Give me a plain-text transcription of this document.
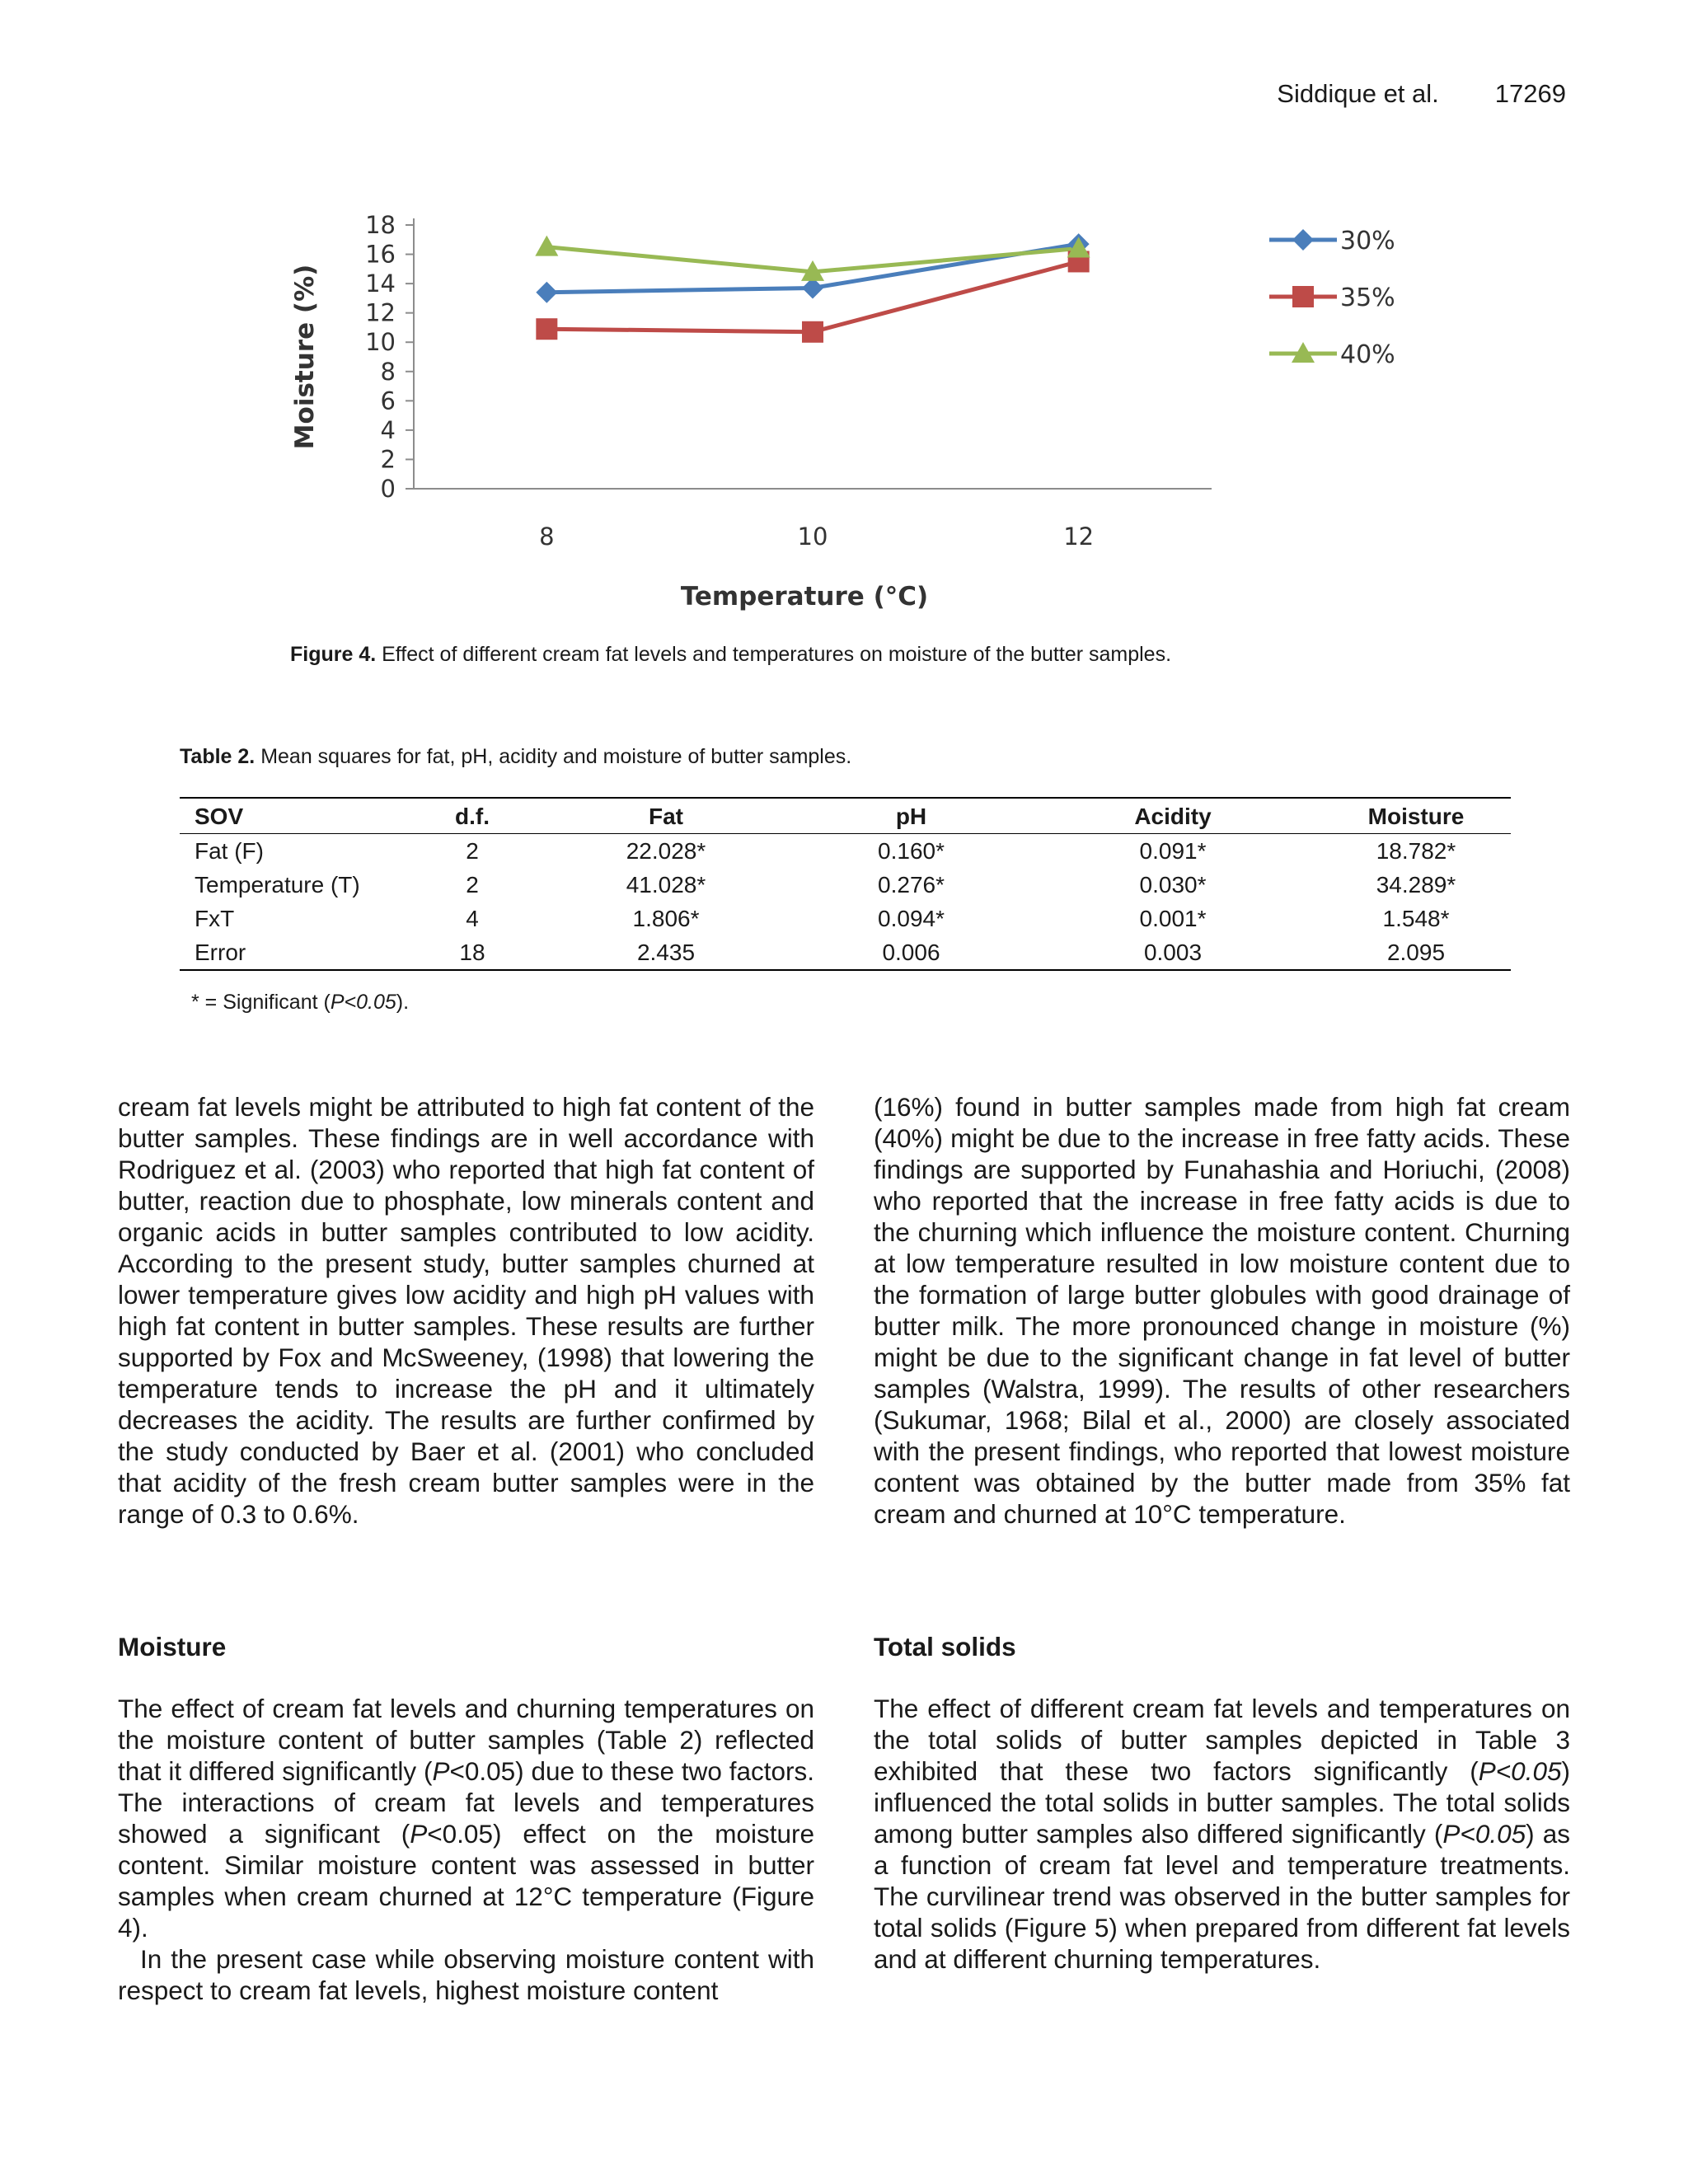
Siddique et al. 17269
0
2
4
6
8
10
12
14
16
18
8	10	12
Temperature (°C)
Moisture (%)
30%
35%
40%
Figure 4. Effect of different cream fat levels and temperatures on moisture of the butter samples.
Table 2. Mean squares for fat, pH, acidity and moisture of butter samples.
SOV	d.f.	Fat	pH	Acidity	Moisture
Fat (F)	2	22.028*	0.160*	0.091*	18.782*
Temperature (T)	2	41.028*	0.276*	0.030*	34.289*
FxT	4	1.806*	0.094*	0.001*	1.548*
Error	18	2.435	0.006	0.003	2.095
* = Significant (P<0.05).

cream fat levels might be attributed to high fat content of the butter samples. These findings are in well accordance with Rodriguez et al. (2003) who reported that high fat content of butter, reaction due to phosphate, low minerals content and organic acids in butter samples contributed to low acidity. According to the present study, butter samples churned at lower temperature gives low acidity and high pH values with high fat content in butter samples. These results are further supported by Fox and McSweeney, (1998) that lowering the temperature tends to increase the pH and it ultimately decreases the acidity. The results are further confirmed by the study conducted by Baer et al. (2001) who concluded that acidity of the fresh cream butter samples were in the range of 0.3 to 0.6%.

Moisture

The effect of cream fat levels and churning temperatures on the moisture content of butter samples (Table 2) reflected that it differed significantly (P<0.05) due to these two factors. The interactions of cream fat levels and temperatures showed a significant (P<0.05) effect on the moisture content. Similar moisture content was assessed in butter samples when cream churned at 12°C temperature (Figure 4).

In the present case while observing moisture content with respect to cream fat levels, highest moisture content

(16%) found in butter samples made from high fat cream (40%) might be due to the increase in free fatty acids. These findings are supported by Funahashia and Horiuchi, (2008) who reported that the increase in free fatty acids is due to the churning which influence the moisture content. Churning at low temperature resulted in low moisture content due to the formation of large butter globules with good drainage of butter milk. The more pronounced change in moisture (%) might be due to the significant change in fat level of butter samples (Walstra, 1999). The results of other researchers (Sukumar, 1968; Bilal et al., 2000) are closely associated with the present findings, who reported that lowest moisture content was obtained by the butter made from 35% fat cream and churned at 10°C temperature.

Total solids

The effect of different cream fat levels and temperatures on the total solids of butter samples depicted in Table 3 exhibited that these two factors significantly (P<0.05) influenced the total solids in butter samples. The total solids among butter samples also differed significantly (P<0.05) as a function of cream fat level and temperature treatments. The curvilinear trend was observed in the butter samples for total solids (Figure 5) when prepared from different fat levels and at different churning temperatures.
